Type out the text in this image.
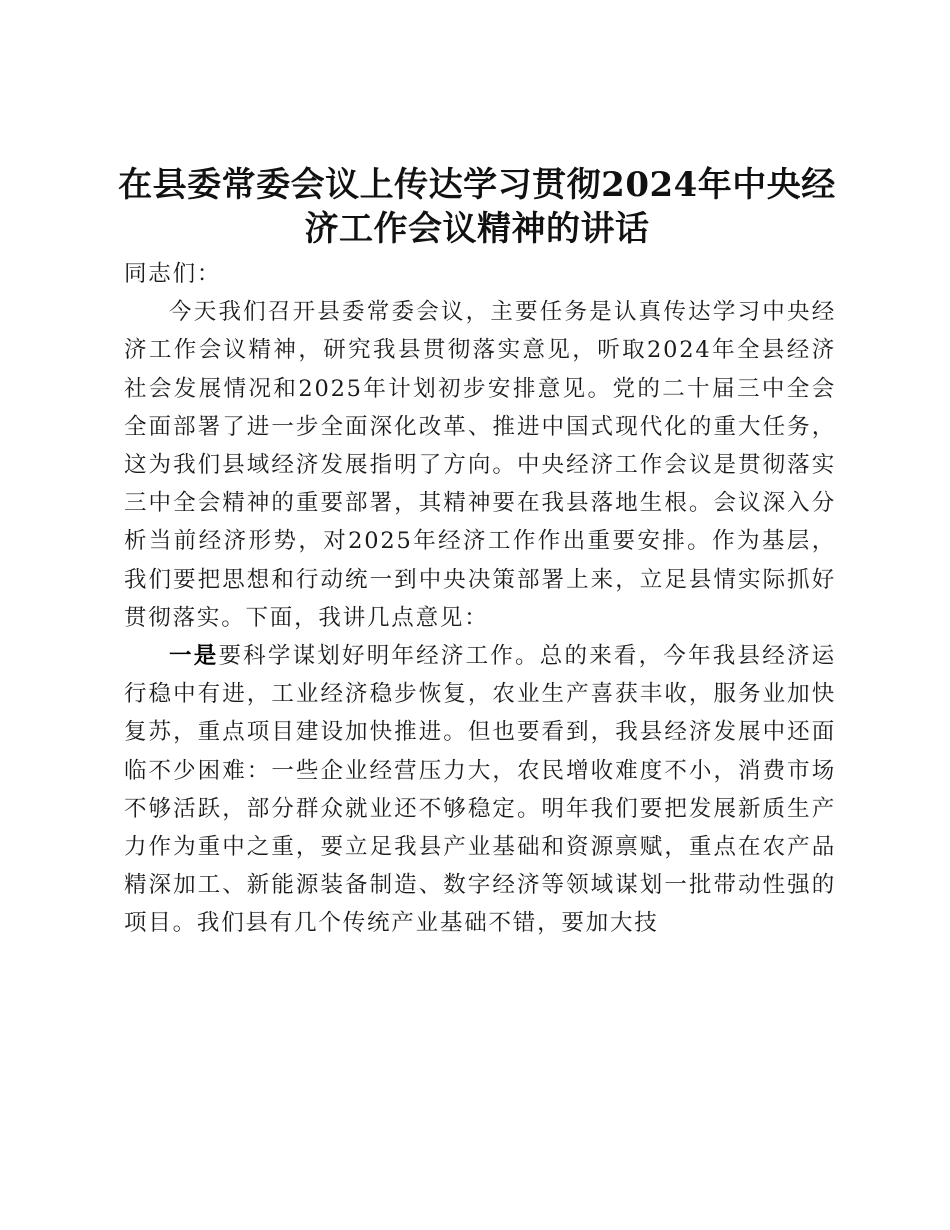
在县委常委会议上传达学习贯彻2024年中央经济工作会议精神的讲话

同志们：

今天我们召开县委常委会议，主要任务是认真传达学习中央经济工作会议精神，研究我县贯彻落实意见，听取2024年全县经济社会发展情况和2025年计划初步安排意见。党的二十届三中全会全面部署了进一步全面深化改革、推进中国式现代化的重大任务，这为我们县域经济发展指明了方向。中央经济工作会议是贯彻落实三中全会精神的重要部署，其精神要在我县落地生根。会议深入分析当前经济形势，对2025年经济工作作出重要安排。作为基层，我们要把思想和行动统一到中央决策部署上来，立足县情实际抓好贯彻落实。下面，我讲几点意见：

一是要科学谋划好明年经济工作。总的来看，今年我县经济运行稳中有进，工业经济稳步恢复，农业生产喜获丰收，服务业加快复苏，重点项目建设加快推进。但也要看到，我县经济发展中还面临不少困难：一些企业经营压力大，农民增收难度不小，消费市场不够活跃，部分群众就业还不够稳定。明年我们要把发展新质生产力作为重中之重，要立足我县产业基础和资源禀赋，重点在农产品精深加工、新能源装备制造、数字经济等领域谋划一批带动性强的项目。我们县有几个传统产业基础不错，要加大技
